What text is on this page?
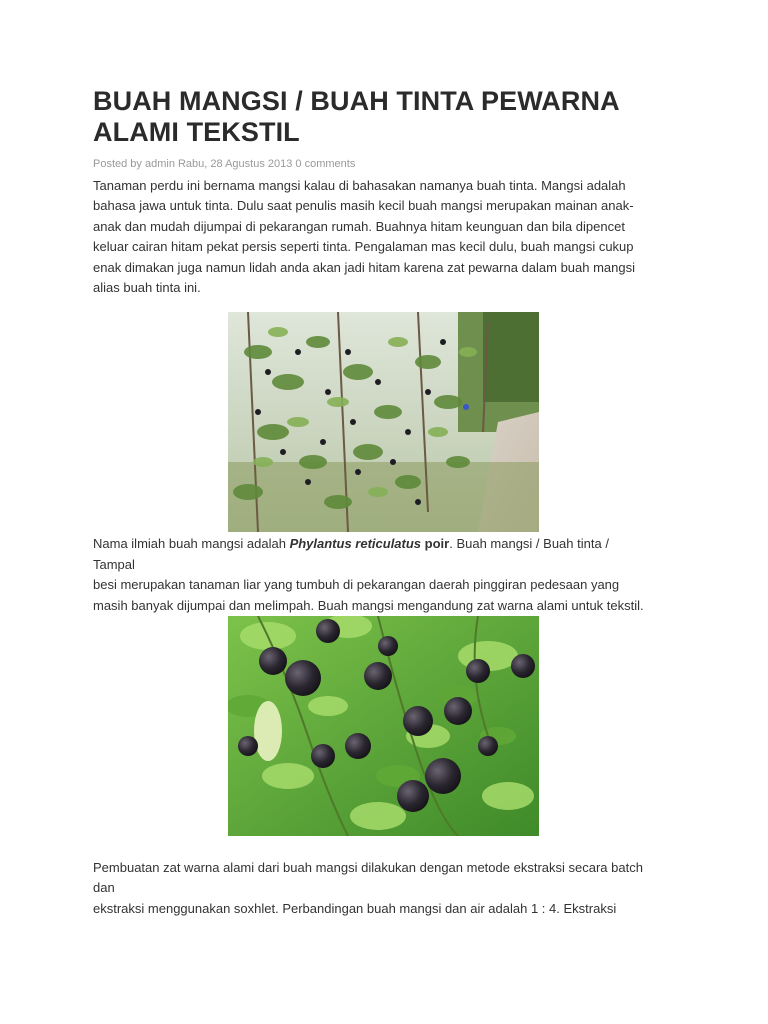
BUAH MANGSI / BUAH TINTA PEWARNA ALAMI TEKSTIL
Posted by admin Rabu, 28 Agustus 2013 0 comments

Tanaman perdu ini bernama mangsi kalau di bahasakan namanya buah tinta. Mangsi adalah
bahasa jawa untuk tinta. Dulu saat penulis masih kecil buah mangsi merupakan mainan anak-
anak dan mudah dijumpai di pekarangan rumah. Buahnya hitam keunguan dan bila dipencet
keluar cairan hitam pekat persis seperti tinta. Pengalaman mas kecil dulu, buah mangsi cukup
enak dimakan juga namun lidah anda akan jadi hitam karena zat pewarna dalam buah mangsi
alias buah tinta ini.

Nama ilmiah buah mangsi adalah Phylantus reticulatus poir. Buah mangsi / Buah tinta /
Tampal
besi merupakan tanaman liar yang tumbuh di pekarangan daerah pinggiran pedesaan yang
masih banyak dijumpai dan melimpah. Buah mangsi mengandung zat warna alami untuk tekstil.

Pembuatan zat warna alami dari buah mangsi dilakukan dengan metode ekstraksi secara batch
dan
ekstraksi menggunakan soxhlet. Perbandingan buah mangsi dan air adalah 1 : 4. Ekstraksi
